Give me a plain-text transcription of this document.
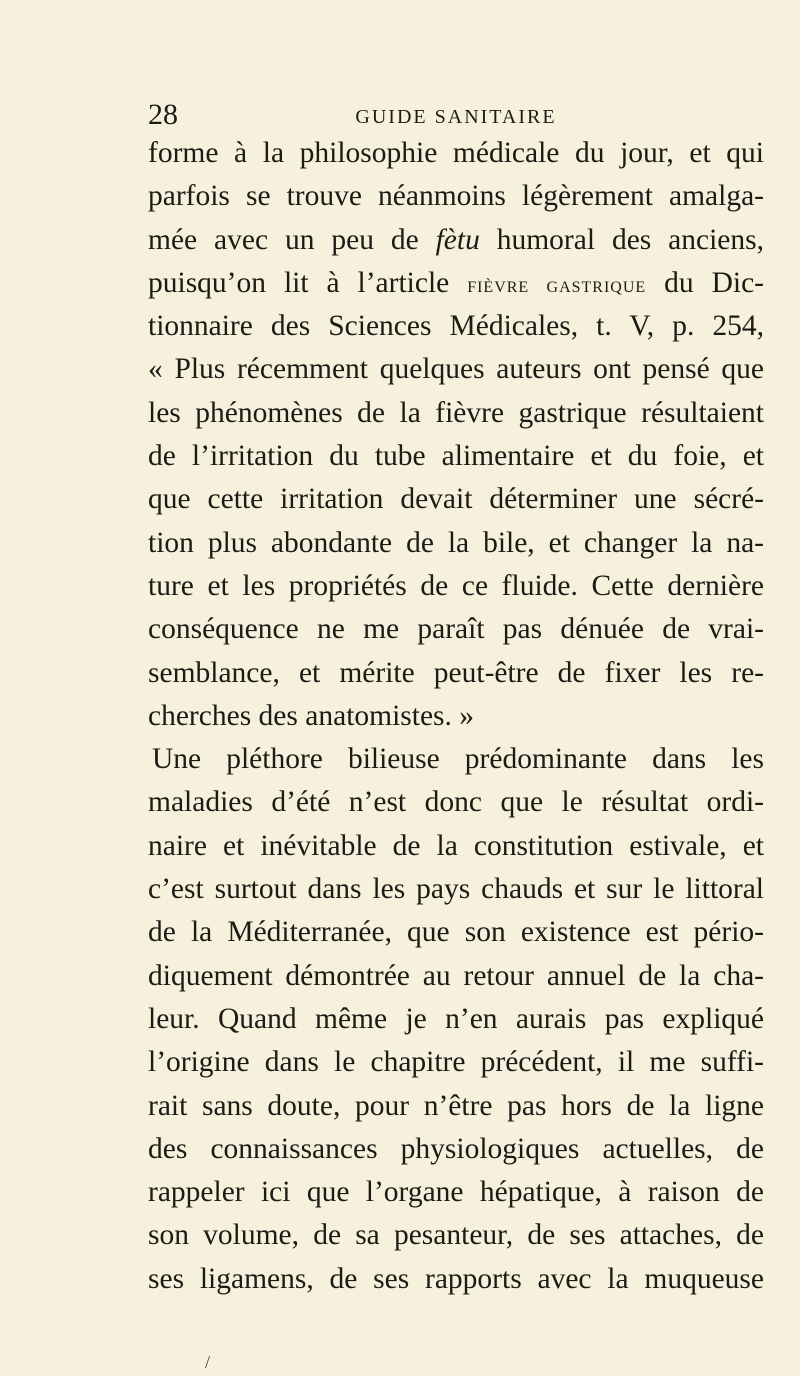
28	GUIDE SANITAIRE
forme à la philosophie médicale du jour, et qui
parfois se trouve néanmoins légèrement amalga-
mée avec un peu de fètu humoral des anciens,
puisqu’on lit à l’article fièvre gastrique du Dic-
tionnaire des Sciences Médicales, t. V, p. 254,
« Plus récemment quelques auteurs ont pensé que
les phénomènes de la fièvre gastrique résultaient
de l’irritation du tube alimentaire et du foie, et
que cette irritation devait déterminer une sécré-
tion plus abondante de la bile, et changer la na-
ture et les propriétés de ce fluide. Cette dernière
conséquence ne me paraît pas dénuée de vrai-
semblance, et mérite peut-être de fixer les re-
cherches des anatomistes. »
Une pléthore bilieuse prédominante dans les
maladies d’été n’est donc que le résultat ordi-
naire et inévitable de la constitution estivale, et
c’est surtout dans les pays chauds et sur le littoral
de la Méditerranée, que son existence est pério-
diquement démontrée au retour annuel de la cha-
leur. Quand même je n’en aurais pas expliqué
l’origine dans le chapitre précédent, il me suffi-
rait sans doute, pour n’être pas hors de la ligne
des connaissances physiologiques actuelles, de
rappeler ici que l’organe hépatique, à raison de
son volume, de sa pesanteur, de ses attaches, de
ses ligamens, de ses rapports avec la muqueuse
/
